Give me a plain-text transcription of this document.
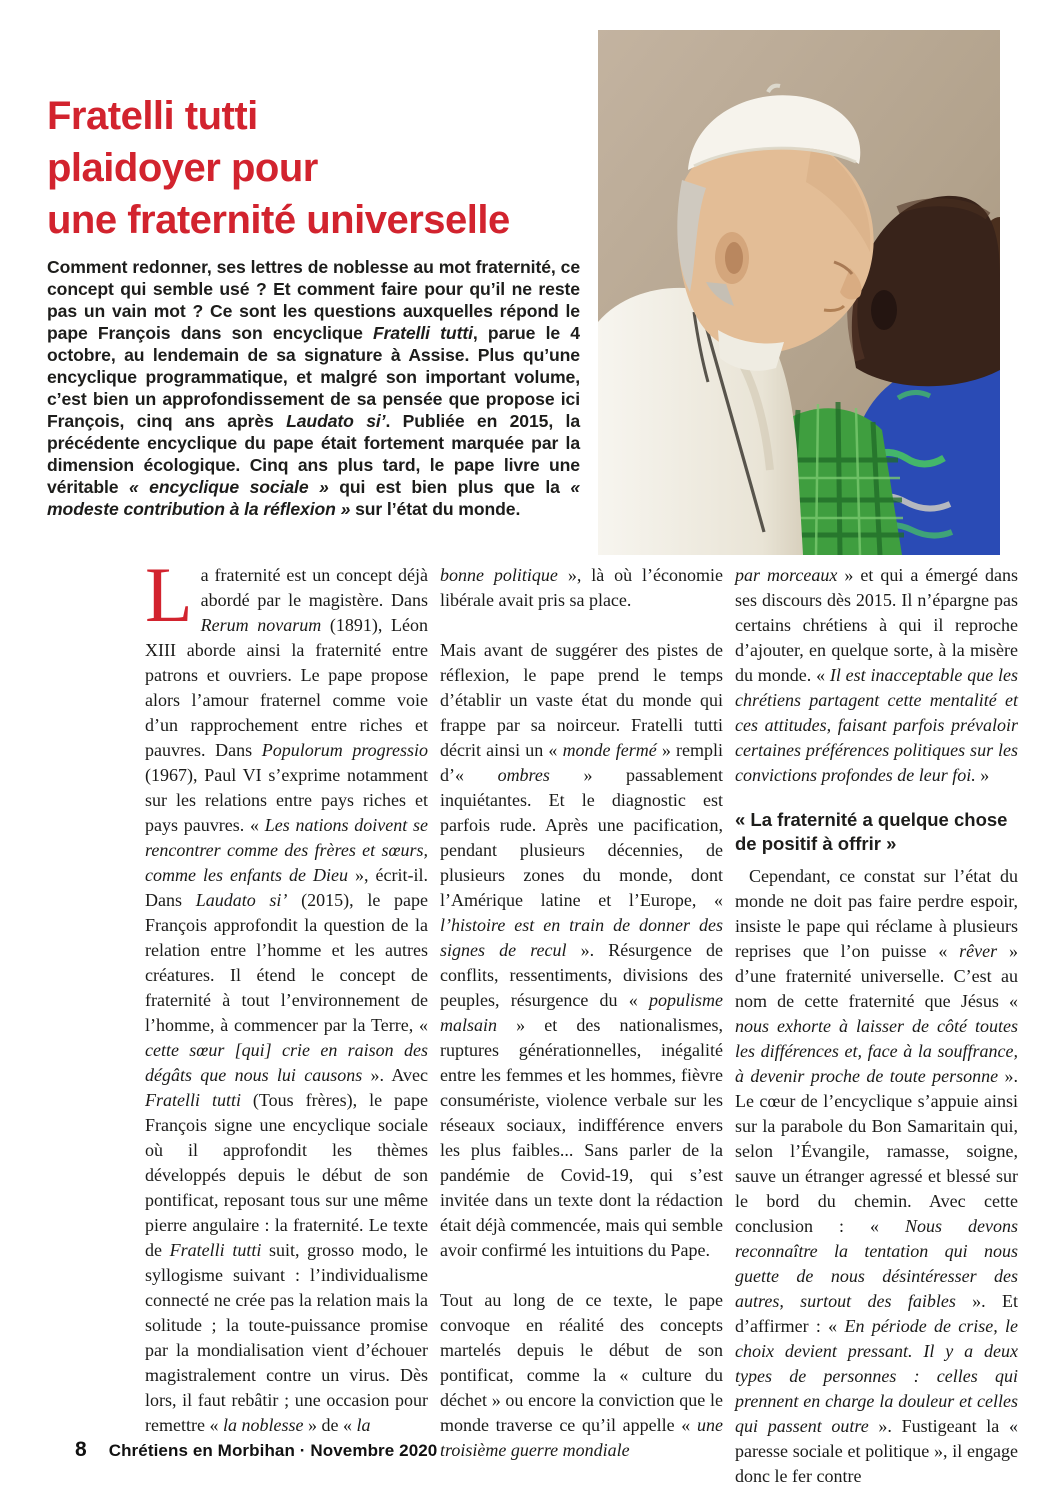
Fratelli tutti
plaidoyer pour
une fraternité universelle

Comment redonner, ses lettres de noblesse au mot fraternité, ce concept qui semble usé ? Et comment faire pour qu’il ne reste pas un vain mot ? Ce sont les questions auxquelles répond le pape François dans son encyclique Fratelli tutti, parue le 4 octobre, au lendemain de sa signature à Assise. Plus qu’une encyclique programmatique, et malgré son important volume, c’est bien un approfondissement de sa pensée que propose ici François, cinq ans après Laudato si’. Publiée en 2015, la précédente encyclique du pape était fortement marquée par la dimension écologique. Cinq ans plus tard, le pape livre une véritable « encyclique sociale » qui est bien plus que la « modeste contribution à la réflexion » sur l’état du monde.

La fraternité est un concept déjà abordé par le magistère. Dans Rerum novarum (1891), Léon XIII aborde ainsi la fraternité entre patrons et ouvriers. Le pape propose alors l’amour fraternel comme voie d’un rapprochement entre riches et pauvres. Dans Populorum progressio (1967), Paul VI s’exprime notamment sur les relations entre pays riches et pays pauvres. « Les nations doivent se rencontrer comme des frères et sœurs, comme les enfants de Dieu », écrit-il. Dans Laudato si’ (2015), le pape François approfondit la question de la relation entre l’homme et les autres créatures. Il étend le concept de fraternité à tout l’environnement de l’homme, à commencer par la Terre, « cette sœur [qui] crie en raison des dégâts que nous lui causons ». Avec Fratelli tutti (Tous frères), le pape François signe une encyclique sociale où il approfondit les thèmes développés depuis le début de son pontificat, reposant tous sur une même pierre angulaire : la fraternité. Le texte de Fratelli tutti suit, grosso modo, le syllogisme suivant : l’individualisme connecté ne crée pas la relation mais la solitude ; la toute-puissance promise par la mondialisation vient d’échouer magistralement contre un virus. Dès lors, il faut rebâtir ; une occasion pour remettre « la noblesse » de « la

bonne politique », là où l’économie libérale avait pris sa place.

Mais avant de suggérer des pistes de réflexion, le pape prend le temps d’établir un vaste état du monde qui frappe par sa noirceur. Fratelli tutti décrit ainsi un « monde fermé » rempli d’« ombres » passablement inquiétantes. Et le diagnostic est parfois rude. Après une pacification, pendant plusieurs décennies, de plusieurs zones du monde, dont l’Amérique latine et l’Europe, « l’histoire est en train de donner des signes de recul ». Résurgence de conflits, ressentiments, divisions des peuples, résurgence du « populisme malsain » et des nationalismes, ruptures générationnelles, inégalité entre les femmes et les hommes, fièvre consumériste, violence verbale sur les réseaux sociaux, indifférence envers les plus faibles... Sans parler de la pandémie de Covid-19, qui s’est invitée dans un texte dont la rédaction était déjà commencée, mais qui semble avoir confirmé les intuitions du Pape.

Tout au long de ce texte, le pape convoque en réalité des concepts martelés depuis le début de son pontificat, comme la « culture du déchet » ou encore la conviction que le monde traverse ce qu’il appelle « une troisième guerre mondiale

par morceaux » et qui a émergé dans ses discours dès 2015. Il n’épargne pas certains chrétiens à qui il reproche d’ajouter, en quelque sorte, à la misère du monde. « Il est inacceptable que les chrétiens partagent cette mentalité et ces attitudes, faisant parfois prévaloir certaines préférences politiques sur les convictions profondes de leur foi. »

« La fraternité a quelque chose de positif à offrir »

Cependant, ce constat sur l’état du monde ne doit pas faire perdre espoir, insiste le pape qui réclame à plusieurs reprises que l’on puisse « rêver » d’une fraternité universelle. C’est au nom de cette fraternité que Jésus « nous exhorte à laisser de côté toutes les différences et, face à la souffrance, à devenir proche de toute personne ». Le cœur de l’encyclique s’appuie ainsi sur la parabole du Bon Samaritain qui, selon l’Évangile, ramasse, soigne, sauve un étranger agressé et blessé sur le bord du chemin. Avec cette conclusion : « Nous devons reconnaître la tentation qui nous guette de nous désintéresser des autres, surtout des faibles ». Et d’affirmer : « En période de crise, le choix devient pressant. Il y a deux types de personnes : celles qui prennent en charge la douleur et celles qui passent outre ». Fustigeant la « paresse sociale et politique », il engage donc le fer contre

8 Chrétiens en Morbihan · Novembre 2020
